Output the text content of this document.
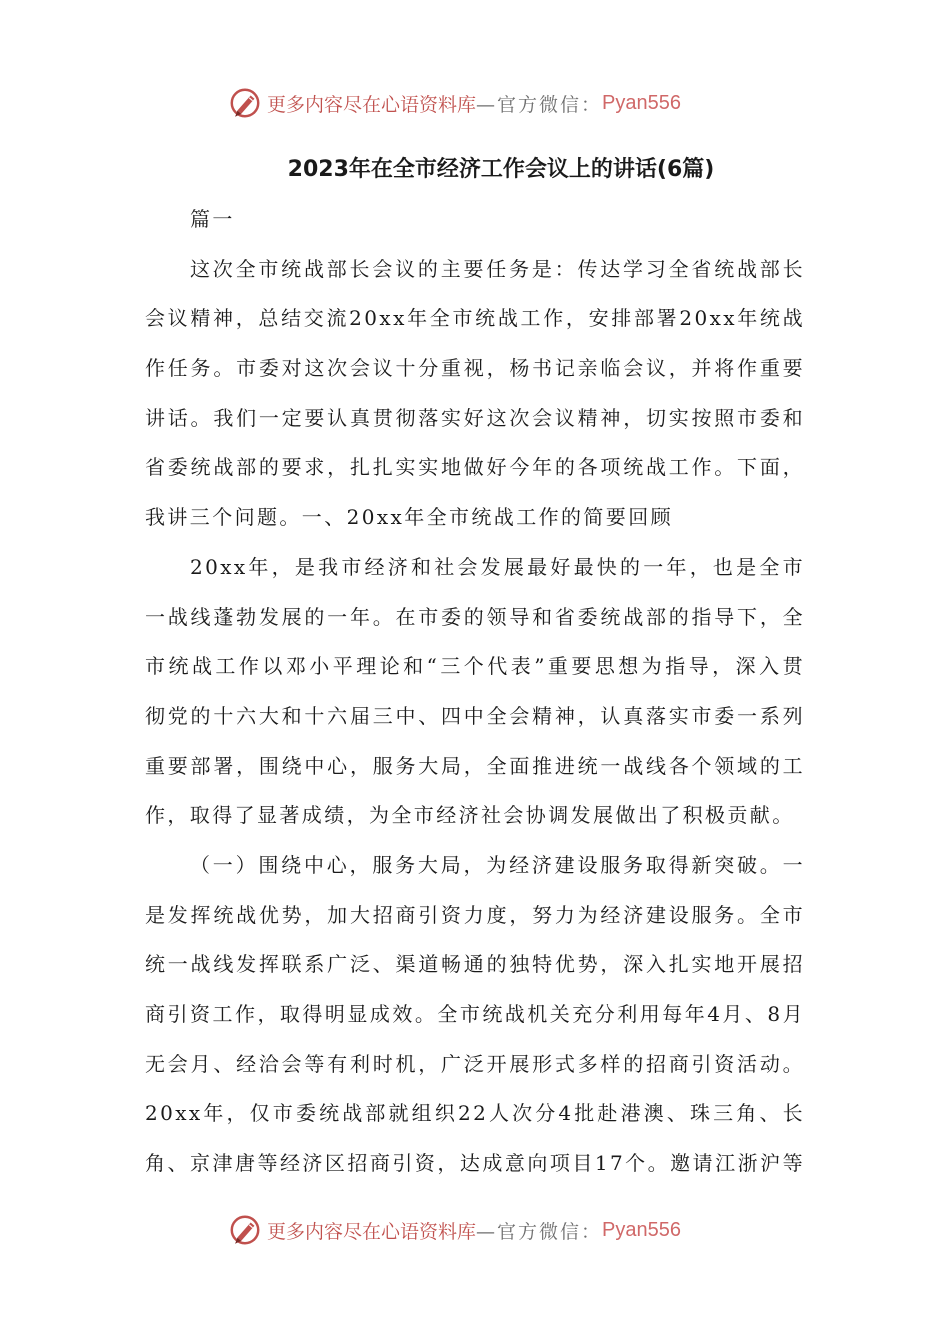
更多内容尽在心语资料库 —官方微信： Pyan556
2023年在全市经济工作会议上的讲话(6篇)
篇一
这次全市统战部长会议的主要任务是：传达学习全省统战部长
会议精神，总结交流20xx年全市统战工作，安排部署20xx年统战
作任务。市委对这次会议十分重视，杨书记亲临会议，并将作重要
讲话。我们一定要认真贯彻落实好这次会议精神，切实按照市委和
省委统战部的要求，扎扎实实地做好今年的各项统战工作。下面，
我讲三个问题。一、20xx年全市统战工作的简要回顾
20xx年，是我市经济和社会发展最好最快的一年，也是全市
一战线蓬勃发展的一年。在市委的领导和省委统战部的指导下，全
市统战工作以邓小平理论和“三个代表”重要思想为指导，深入贯
彻党的十六大和十六届三中、四中全会精神，认真落实市委一系列
重要部署，围绕中心，服务大局，全面推进统一战线各个领域的工
作，取得了显著成绩，为全市经济社会协调发展做出了积极贡献。
（一）围绕中心，服务大局，为经济建设服务取得新突破。一
是发挥统战优势，加大招商引资力度，努力为经济建设服务。全市
统一战线发挥联系广泛、渠道畅通的独特优势，深入扎实地开展招
商引资工作，取得明显成效。全市统战机关充分利用每年4月、8月
无会月、经洽会等有利时机，广泛开展形式多样的招商引资活动。
20xx年，仅市委统战部就组织22人次分4批赴港澳、珠三角、长
角、京津唐等经济区招商引资，达成意向项目17个。邀请江浙沪等
更多内容尽在心语资料库 —官方微信： Pyan556
